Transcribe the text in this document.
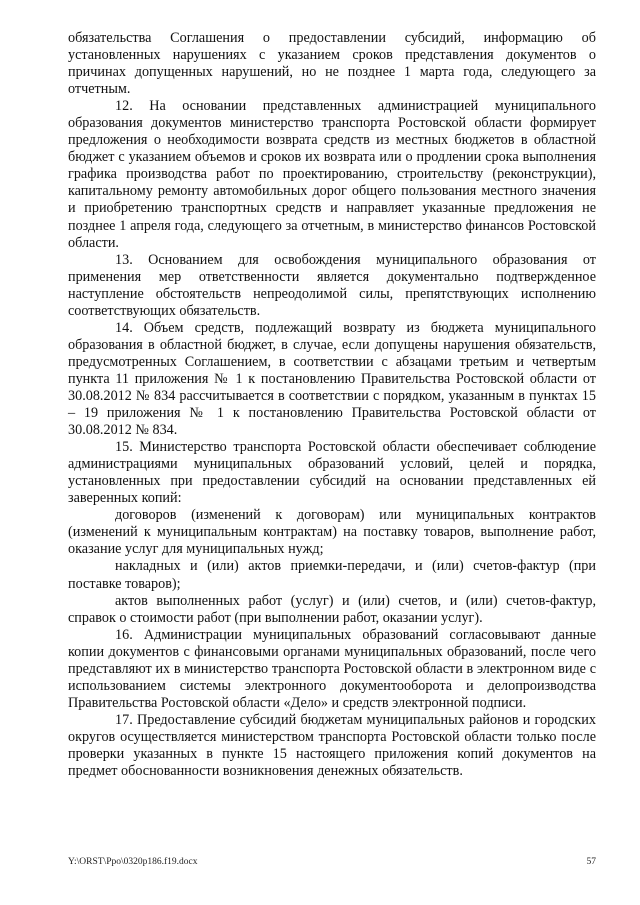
обязательства Соглашения о предоставлении субсидий, информацию об установленных нарушениях с указанием сроков представления документов о причинах допущенных нарушений, но не позднее 1 марта года, следующего за отчетным.

12. На основании представленных администрацией муниципального образования документов министерство транспорта Ростовской области формирует предложения о необходимости возврата средств из местных бюджетов в областной бюджет с указанием объемов и сроков их возврата или о продлении срока выполнения графика производства работ по проектированию, строительству (реконструкции), капитальному ремонту автомобильных дорог общего пользования местного значения и приобретению транспортных средств и направляет указанные предложения не позднее 1 апреля года, следующего за отчетным, в министерство финансов Ростовской области.

13. Основанием для освобождения муниципального образования от применения мер ответственности является документально подтвержденное наступление обстоятельств непреодолимой силы, препятствующих исполнению соответствующих обязательств.

14. Объем средств, подлежащий возврату из бюджета муниципального образования в областной бюджет, в случае, если допущены нарушения обязательств, предусмотренных Соглашением, в соответствии с абзацами третьим и четвертым пункта 11 приложения № 1 к постановлению Правительства Ростовской области от 30.08.2012 № 834 рассчитывается в соответствии с порядком, указанным в пунктах 15 – 19 приложения № 1 к постановлению Правительства Ростовской области от 30.08.2012 № 834.

15. Министерство транспорта Ростовской области обеспечивает соблюдение администрациями муниципальных образований условий, целей и порядка, установленных при предоставлении субсидий на основании представленных ей заверенных копий:

договоров (изменений к договорам) или муниципальных контрактов (изменений к муниципальным контрактам) на поставку товаров, выполнение работ, оказание услуг для муниципальных нужд;

накладных и (или) актов приемки-передачи, и (или) счетов-фактур (при поставке товаров);

актов выполненных работ (услуг) и (или) счетов, и (или) счетов-фактур, справок о стоимости работ (при выполнении работ, оказании услуг).

16. Администрации муниципальных образований согласовывают данные копии документов с финансовыми органами муниципальных образований, после чего представляют их в министерство транспорта Ростовской области в электронном виде с использованием системы электронного документооборота и делопроизводства Правительства Ростовской области «Дело» и средств электронной подписи.

17. Предоставление субсидий бюджетам муниципальных районов и городских округов осуществляется министерством транспорта Ростовской области только после проверки указанных в пункте 15 настоящего приложения копий документов на предмет обоснованности возникновения денежных обязательств.

Y:\ORST\Ppo\0320p186.f19.docx	57
